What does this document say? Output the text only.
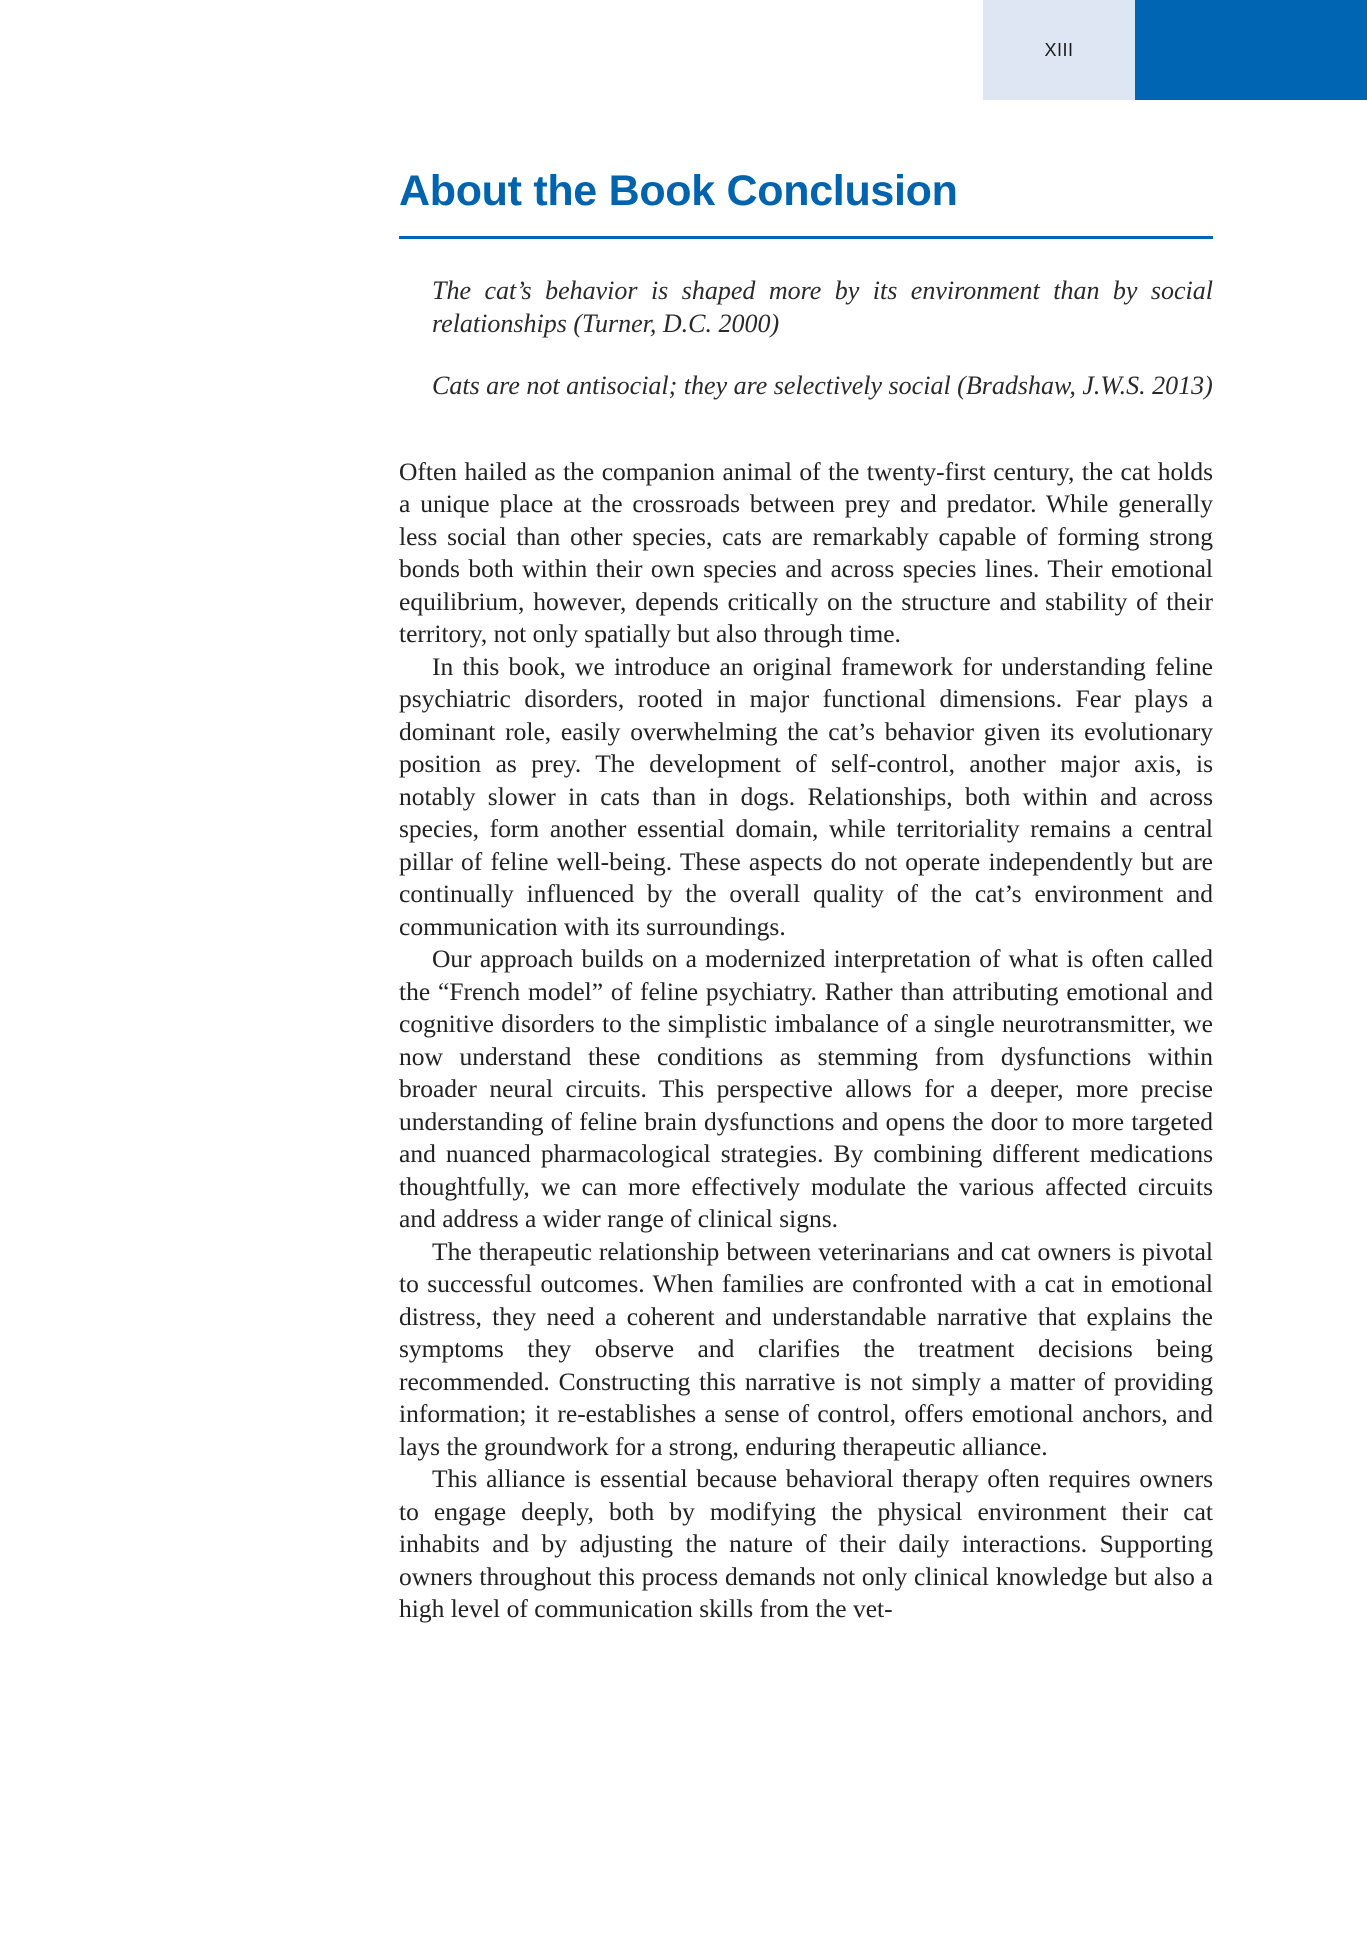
XIII
About the Book Conclusion

The cat’s behavior is shaped more by its environment than by social relationships (Turner, D.C. 2000)

Cats are not antisocial; they are selectively social (Bradshaw, J.W.S. 2013)

Often hailed as the companion animal of the twenty-first century, the cat holds a unique place at the crossroads between prey and predator. While generally less social than other species, cats are remarkably capable of forming strong bonds both within their own species and across species lines. Their emotional equilibrium, however, depends critically on the structure and stability of their territory, not only spatially but also through time.

In this book, we introduce an original framework for understanding feline psychiatric disorders, rooted in major functional dimensions. Fear plays a dominant role, easily overwhelming the cat’s behavior given its evolutionary position as prey. The development of self-control, another major axis, is notably slower in cats than in dogs. Relationships, both within and across species, form another essential domain, while territoriality remains a central pillar of feline well-being. These aspects do not operate independently but are continually influenced by the overall quality of the cat’s environment and communication with its surroundings.

Our approach builds on a modernized interpretation of what is often called the “French model” of feline psychiatry. Rather than attributing emotional and cognitive disorders to the simplistic imbalance of a single neurotransmitter, we now understand these conditions as stemming from dysfunctions within broader neural circuits. This perspective allows for a deeper, more precise understanding of feline brain dysfunctions and opens the door to more targeted and nuanced pharmacological strategies. By combining different medications thoughtfully, we can more effectively modulate the various affected circuits and address a wider range of clinical signs.

The therapeutic relationship between veterinarians and cat owners is pivotal to successful outcomes. When families are confronted with a cat in emotional distress, they need a coherent and understandable narrative that explains the symptoms they observe and clarifies the treatment decisions being recommended. Constructing this narrative is not simply a matter of providing information; it re-establishes a sense of control, offers emotional anchors, and lays the groundwork for a strong, enduring therapeutic alliance.

This alliance is essential because behavioral therapy often requires owners to engage deeply, both by modifying the physical environment their cat inhabits and by adjusting the nature of their daily interactions. Supporting owners throughout this process demands not only clinical knowledge but also a high level of communication skills from the vet-
